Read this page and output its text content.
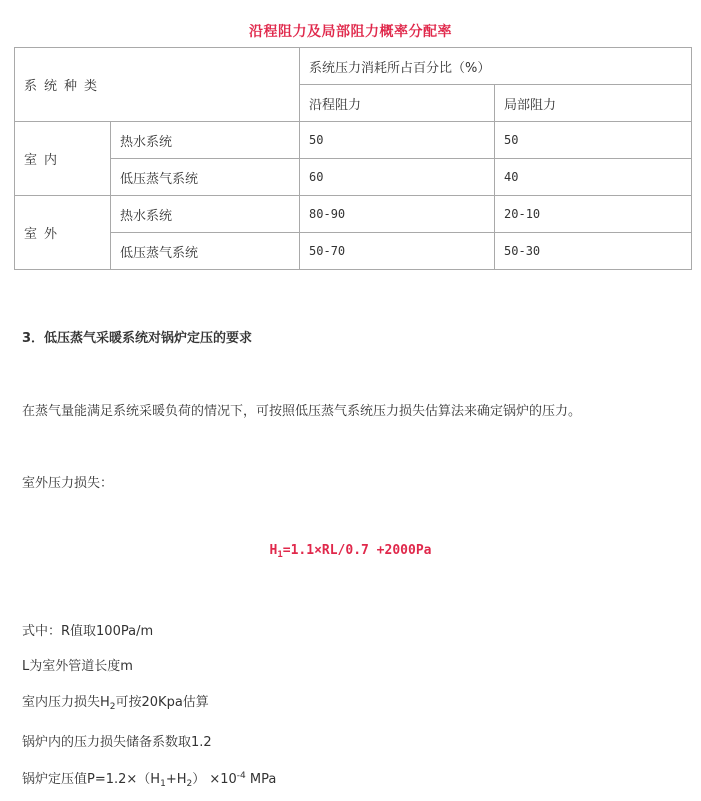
沿程阻力及局部阻力概率分配率
系统种类		系统压力消耗所占百分比（%）	
		沿程阻力	局部阻力
室内	热水系统	50	50
	低压蒸气系统	60	40
室外	热水系统	80-90	20-10
	低压蒸气系统	50-70	50-30
3．低压蒸气采暖系统对锅炉定压的要求
在蒸气量能满足系统采暖负荷的情况下，可按照低压蒸气系统压力损失估算法来确定锅炉的压力。
室外压力损失：
$H_1=1.1\times RL/0.7 +2000Pa$
式中：R值取100Pa/m
L为室外管道长度m
室内压力损失$H_2$可按20Kpa估算
锅炉内的压力损失储备系数取1.2
锅炉定压值$P=1.2\times(H_1+H_2) \times 10^{-4}$ MPa
